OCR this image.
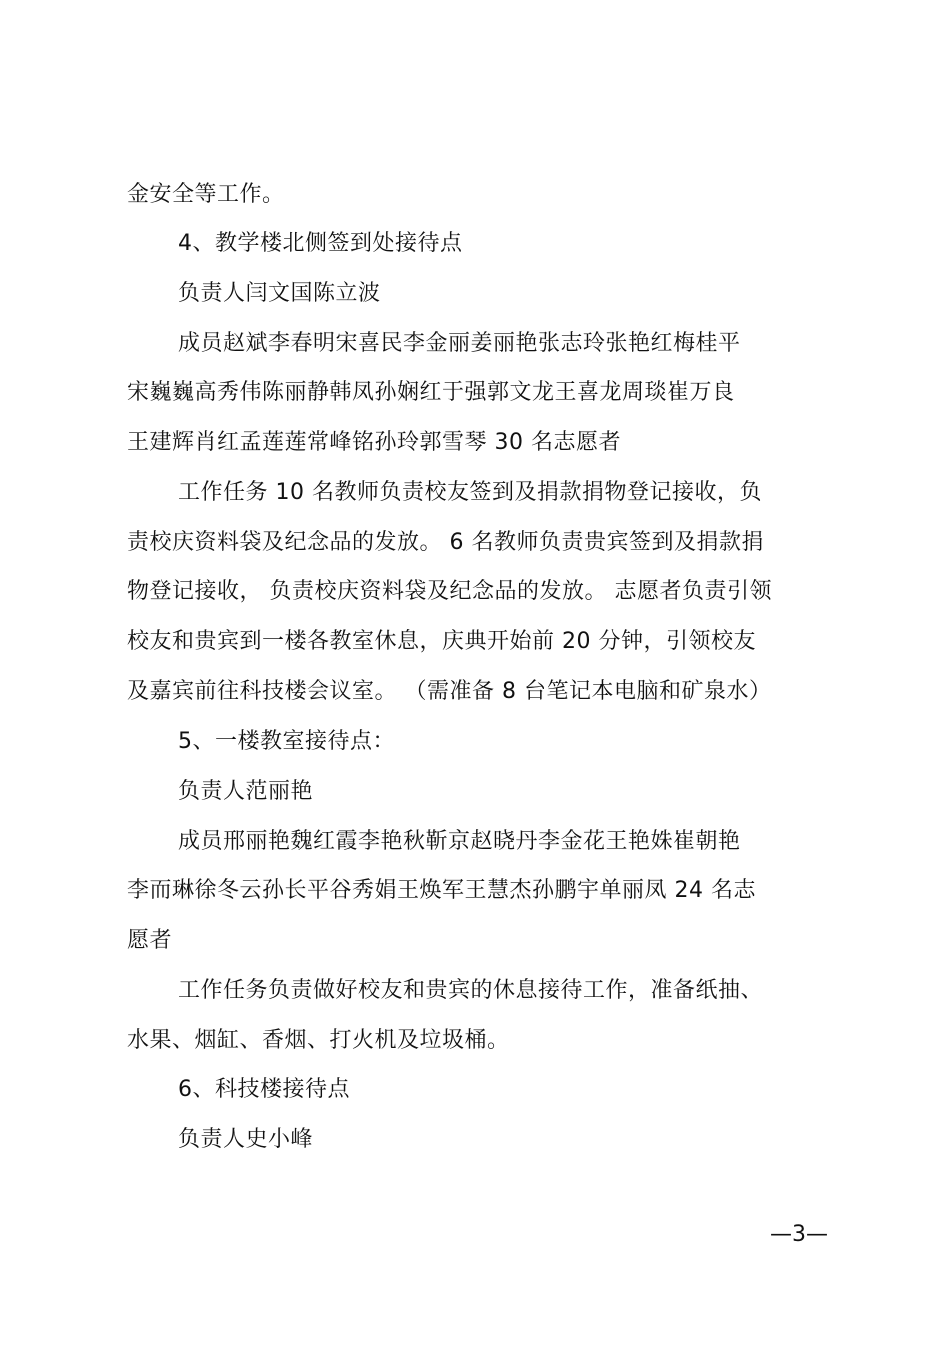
金安全等工作。
4、教学楼北侧签到处接待点
负责人闫文国陈立波
成员赵斌李春明宋喜民李金丽姜丽艳张志玲张艳红梅桂平
宋巍巍高秀伟陈丽静韩凤孙娴红于强郭文龙王喜龙周琰崔万良
王建辉肖红孟莲莲常峰铭孙玲郭雪琴 30 名志愿者
工作任务 10 名教师负责校友签到及捐款捐物登记接收，负
责校庆资料袋及纪念品的发放。 6 名教师负责贵宾签到及捐款捐
物登记接收， 负责校庆资料袋及纪念品的发放。 志愿者负责引领
校友和贵宾到一楼各教室休息，庆典开始前 20 分钟，引领校友
及嘉宾前往科技楼会议室。 （需准备 8 台笔记本电脑和矿泉水）
5、一楼教室接待点：
负责人范丽艳
成员邢丽艳魏红霞李艳秋靳京赵晓丹李金花王艳姝崔朝艳
李而琳徐冬云孙长平谷秀娟王焕军王慧杰孙鹏宇单丽凤 24 名志
愿者
工作任务负责做好校友和贵宾的休息接待工作，准备纸抽、
水果、烟缸、香烟、打火机及垃圾桶。
6、科技楼接待点
负责人史小峰
—3—
